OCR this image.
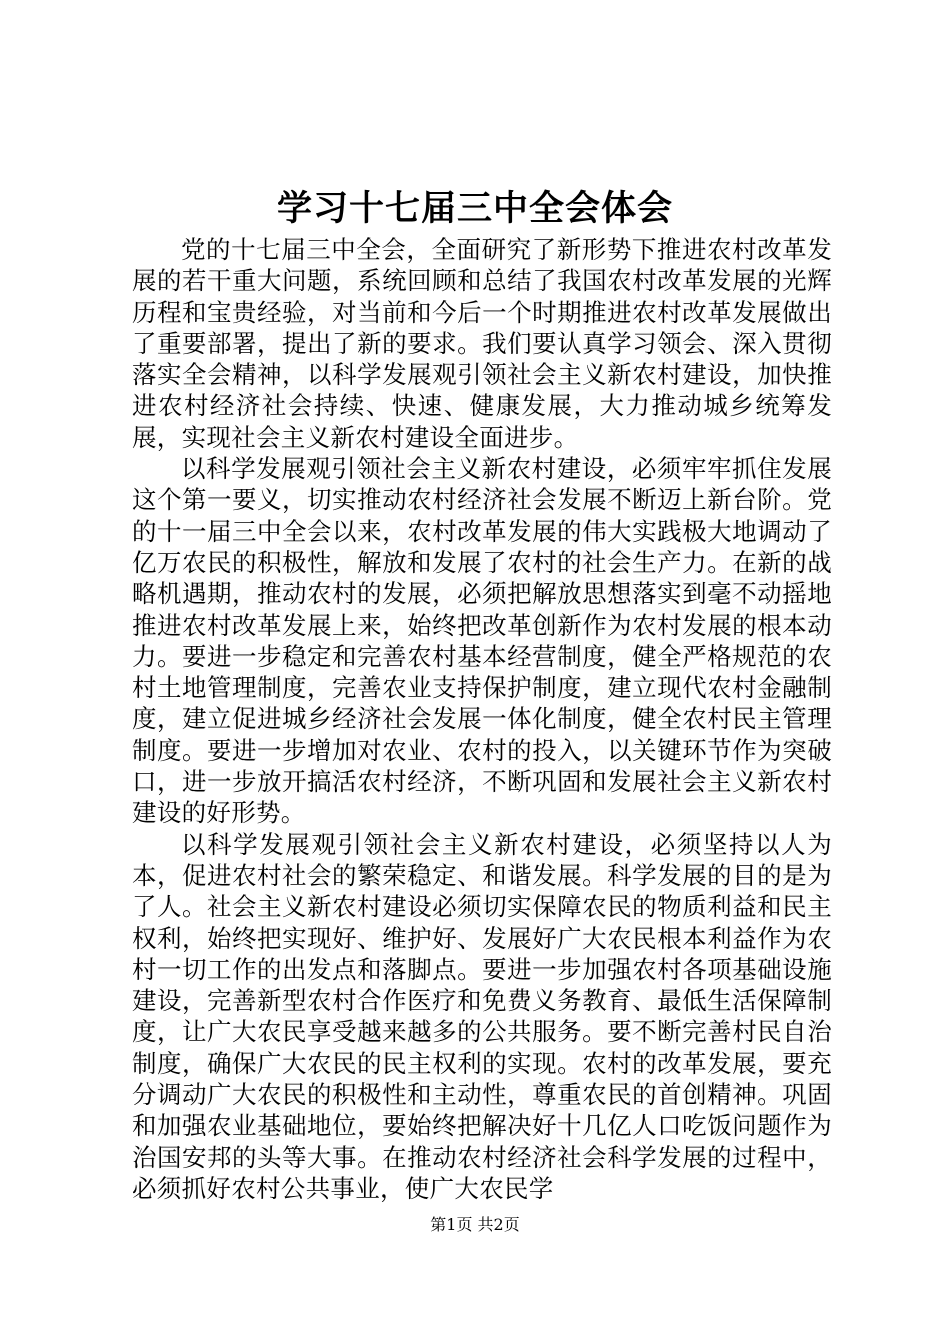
学习十七届三中全会体会

党的十七届三中全会，全面研究了新形势下推进农村改革发展的若干重大问题，系统回顾和总结了我国农村改革发展的光辉历程和宝贵经验，对当前和今后一个时期推进农村改革发展做出了重要部署，提出了新的要求。我们要认真学习领会、深入贯彻落实全会精神，以科学发展观引领社会主义新农村建设，加快推进农村经济社会持续、快速、健康发展，大力推动城乡统筹发展，实现社会主义新农村建设全面进步。

以科学发展观引领社会主义新农村建设，必须牢牢抓住发展这个第一要义，切实推动农村经济社会发展不断迈上新台阶。党的十一届三中全会以来，农村改革发展的伟大实践极大地调动了亿万农民的积极性，解放和发展了农村的社会生产力。在新的战略机遇期，推动农村的发展，必须把解放思想落实到毫不动摇地推进农村改革发展上来，始终把改革创新作为农村发展的根本动力。要进一步稳定和完善农村基本经营制度，健全严格规范的农村土地管理制度，完善农业支持保护制度，建立现代农村金融制度，建立促进城乡经济社会发展一体化制度，健全农村民主管理制度。要进一步增加对农业、农村的投入，以关键环节作为突破口，进一步放开搞活农村经济，不断巩固和发展社会主义新农村建设的好形势。

以科学发展观引领社会主义新农村建设，必须坚持以人为本，促进农村社会的繁荣稳定、和谐发展。科学发展的目的是为了人。社会主义新农村建设必须切实保障农民的物质利益和民主权利，始终把实现好、维护好、发展好广大农民根本利益作为农村一切工作的出发点和落脚点。要进一步加强农村各项基础设施建设，完善新型农村合作医疗和免费义务教育、最低生活保障制度，让广大农民享受越来越多的公共服务。要不断完善村民自治制度，确保广大农民的民主权利的实现。农村的改革发展，要充分调动广大农民的积极性和主动性，尊重农民的首创精神。巩固和加强农业基础地位，要始终把解决好十几亿人口吃饭问题作为治国安邦的头等大事。在推动农村经济社会科学发展的过程中，必须抓好农村公共事业，使广大农民学

第1页 共2页
